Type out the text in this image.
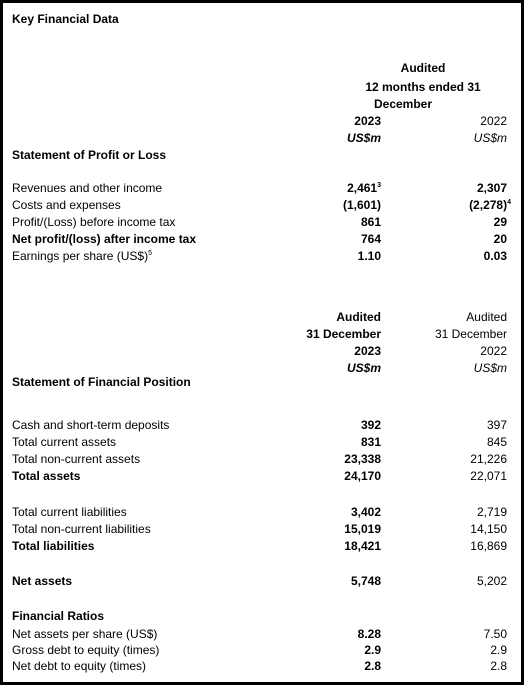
Key Financial Data
Audited
12 months ended 31
December
2023	2022
US$m	US$m
Statement of Profit or Loss
Revenues and other income	2,461$^3$	2,307
Costs and expenses	(1,601)	$(2,278)^4$
Profit/(Loss) before income tax	861	29
Net profit/(loss) after income tax	764	20
Earnings per share (US$)$^5$	1.10	0.03
Audited	Audited
31 December	31 December
2023	2022
US$m	US$m
Statement of Financial Position
Cash and short-term deposits	392	397
Total current assets	831	845
Total non-current assets	23,338	21,226
Total assets	24,170	22,071
Total current liabilities	3,402	2,719
Total non-current liabilities	15,019	14,150
Total liabilities	18,421	16,869
Net assets	5,748	5,202
Financial Ratios
Net assets per share (US$)	8.28	7.50
Gross debt to equity (times)	2.9	2.9
Net debt to equity (times)	2.8	2.8
